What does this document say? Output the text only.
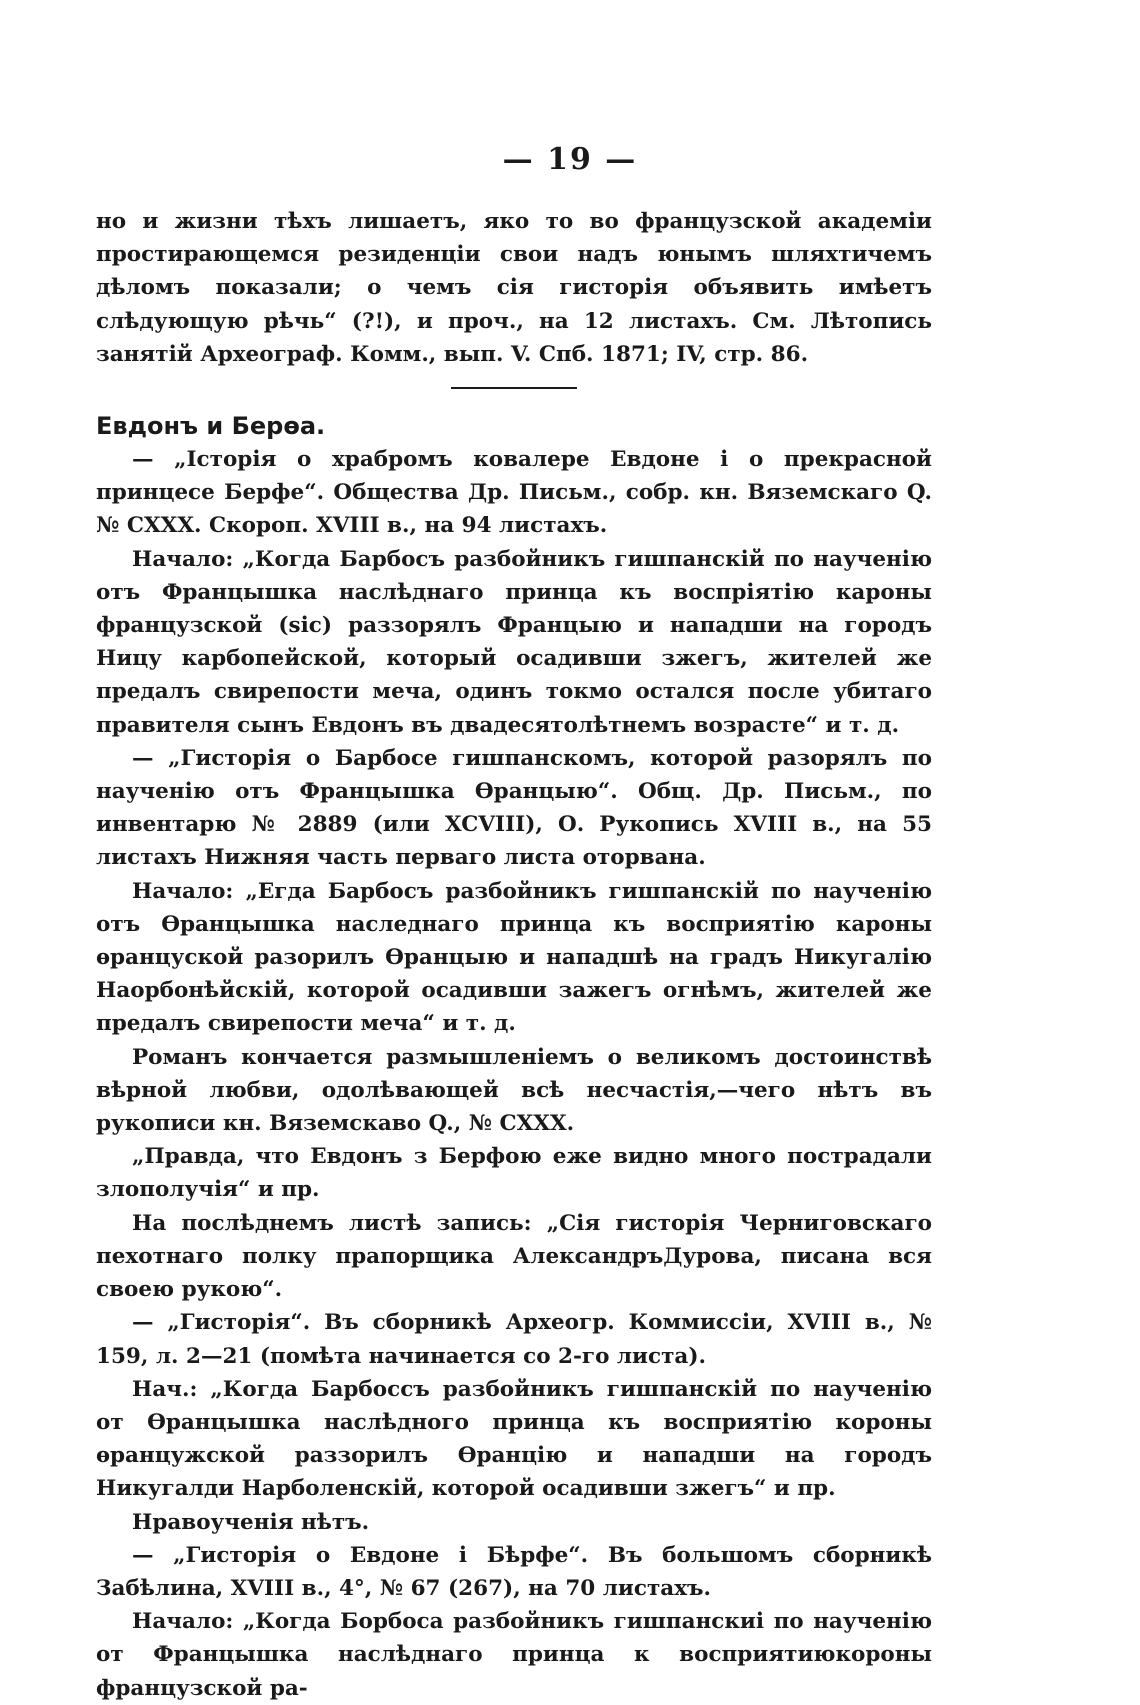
— 19 —

но и жизни тѣхъ лишаетъ, яко то во французской академіи простирающемся резиденціи свои надъ юнымъ шляхтичемъ дѣломъ показали; о чемъ сія гисторія объявить имѣетъ слѣдующую рѣчь“ (?!), и проч., на 12 листахъ. См. Лѣтопись занятій Археограф. Комм., вып. V. Спб. 1871; IV, стр. 86.

Евдонъ и Берѳа.

— „Історія о храбромъ ковалере Евдоне і о прекрасной принцесе Берфе“. Общества Др. Письм., собр. кн. Вяземскаго Q. № CXXX. Скороп. XVIII в., на 94 листахъ.

Начало: „Когда Барбосъ разбойникъ гишпанскій по наученію отъ Францышка наслѣднаго принца къ воспріятію кароны французской (sic) раззорялъ Францыю и нападши на городъ Ницу карбопейской, который осадивши зжегъ, жителей же предалъ свирепости меча, одинъ токмо остался после убитаго правителя сынъ Евдонъ въ двадесятолѣтнемъ возрасте“ и т. д.

— „Гисторія о Барбосе гишпанскомъ, которой разорялъ по наученію отъ Францышка Ѳранцыю“. Общ. Др. Письм., по инвентарю № 2889 (или XCVIII), О. Рукопись XVIII в., на 55 листахъ Нижняя часть перваго листа оторвана.

Начало: „Егда Барбосъ разбойникъ гишпанскій по наученію отъ Ѳранцышка наследнаго принца къ восприятію кароны ѳранцуской разорилъ Ѳранцыю и нападшѣ на градъ Никугалію Наорбонѣйскій, которой осадивши зажегъ огнѣмъ, жителей же предалъ свирепости меча“ и т. д.

Романъ кончается размышленіемъ о великомъ достоинствѣ вѣрной любви, одолѣвающей всѣ несчастія,—чего нѣтъ въ рукописи кн. Вяземскаво Q., № CXXX.

„Правда, что Евдонъ з Берфою еже видно много пострадали злополучія“ и пр.

На послѣднемъ листѣ запись: „Сія гисторія Черниговскаго пехотнаго полку прапорщика АлександръДурова, писана вся своею рукою“.

— „Гисторія“. Въ сборникѣ Археогр. Коммиссіи, XVIII в., № 159, л. 2—21 (помѣта начинается со 2-го листа).

Нач.: „Когда Барбоссъ разбойникъ гишпанскій по наученію от Ѳранцышка наслѣдного принца къ восприятію короны ѳранцужской раззорилъ Ѳранцію и нападши на городъ Никугалди Нарболенскій, которой осадивши зжегъ“ и пр.

Нравоученія нѣтъ.

— „Гисторія о Евдоне і Бѣрфе“. Въ большомъ сборникѣ Забѣлина, XVIII в., 4°, № 67 (267), на 70 листахъ.

Начало: „Когда Борбоса разбойникъ гишпанскиі по наученію от Францышка наслѣднаго принца к восприятиюкороны французской ра-
